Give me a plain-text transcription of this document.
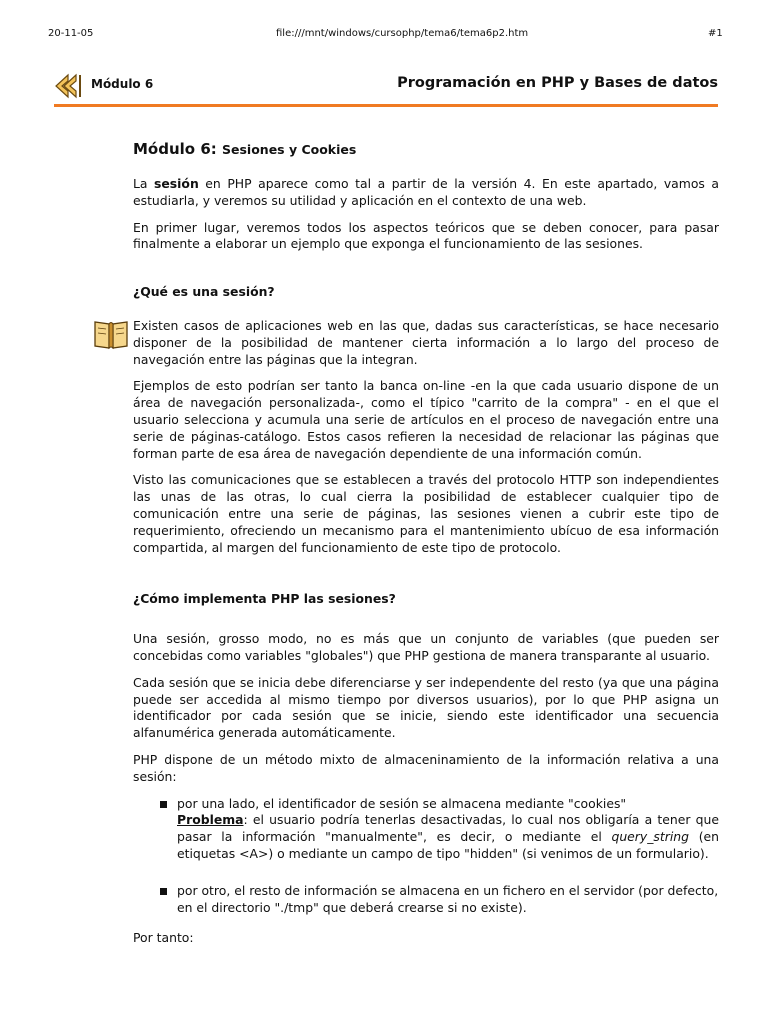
20-11-05	file:///mnt/windows/cursophp/tema6/tema6p2.htm	#1
Módulo 6	Programación en PHP y Bases de datos
Módulo 6: Sesiones y Cookies

La sesión en PHP aparece como tal a partir de la versión 4. En este apartado, vamos a estudiarla, y veremos su utilidad y aplicación en el contexto de una web.

En primer lugar, veremos todos los aspectos teóricos que se deben conocer, para pasar finalmente a elaborar un ejemplo que exponga el funcionamiento de las sesiones.

¿Qué es una sesión?

Existen casos de aplicaciones web en las que, dadas sus características, se hace necesario disponer de la posibilidad de mantener cierta información a lo largo del proceso de navegación entre las páginas que la integran.

Ejemplos de esto podrían ser tanto la banca on-line -en la que cada usuario dispone de un área de navegación personalizada-, como el típico "carrito de la compra" - en el que el usuario selecciona y acumula una serie de artículos en el proceso de navegación entre una serie de páginas-catálogo. Estos casos refieren la necesidad de relacionar las páginas que forman parte de esa área de navegación dependiente de una información común.

Visto las comunicaciones que se establecen a través del protocolo HTTP son independientes las unas de las otras, lo cual cierra la posibilidad de establecer cualquier tipo de comunicación entre una serie de páginas, las sesiones vienen a cubrir este tipo de requerimiento, ofreciendo un mecanismo para el mantenimiento ubícuo de esa información compartida, al margen del funcionamiento de este tipo de protocolo.

¿Cómo implementa PHP las sesiones?

Una sesión, grosso modo, no es más que un conjunto de variables (que pueden ser concebidas como variables "globales") que PHP gestiona de manera transparante al usuario.

Cada sesión que se inicia debe diferenciarse y ser independente del resto (ya que una página puede ser accedida al mismo tiempo por diversos usuarios), por lo que PHP asigna un identificador por cada sesión que se inicie, siendo este identificador una secuencia alfanumérica generada automáticamente.

PHP dispone de un método mixto de almaceninamiento de la información relativa a una sesión:

por una lado, el identificador de sesión se almacena mediante "cookies"

Problema: el usuario podría tenerlas desactivadas, lo cual nos obligaría a tener que pasar la información "manualmente", es decir, o mediante el query_string (en etiquetas <A>) o mediante un campo de tipo "hidden" (si venimos de un formulario).

por otro, el resto de información se almacena en un fichero en el servidor (por defecto, en el directorio "./tmp" que deberá crearse si no existe).

Por tanto:
